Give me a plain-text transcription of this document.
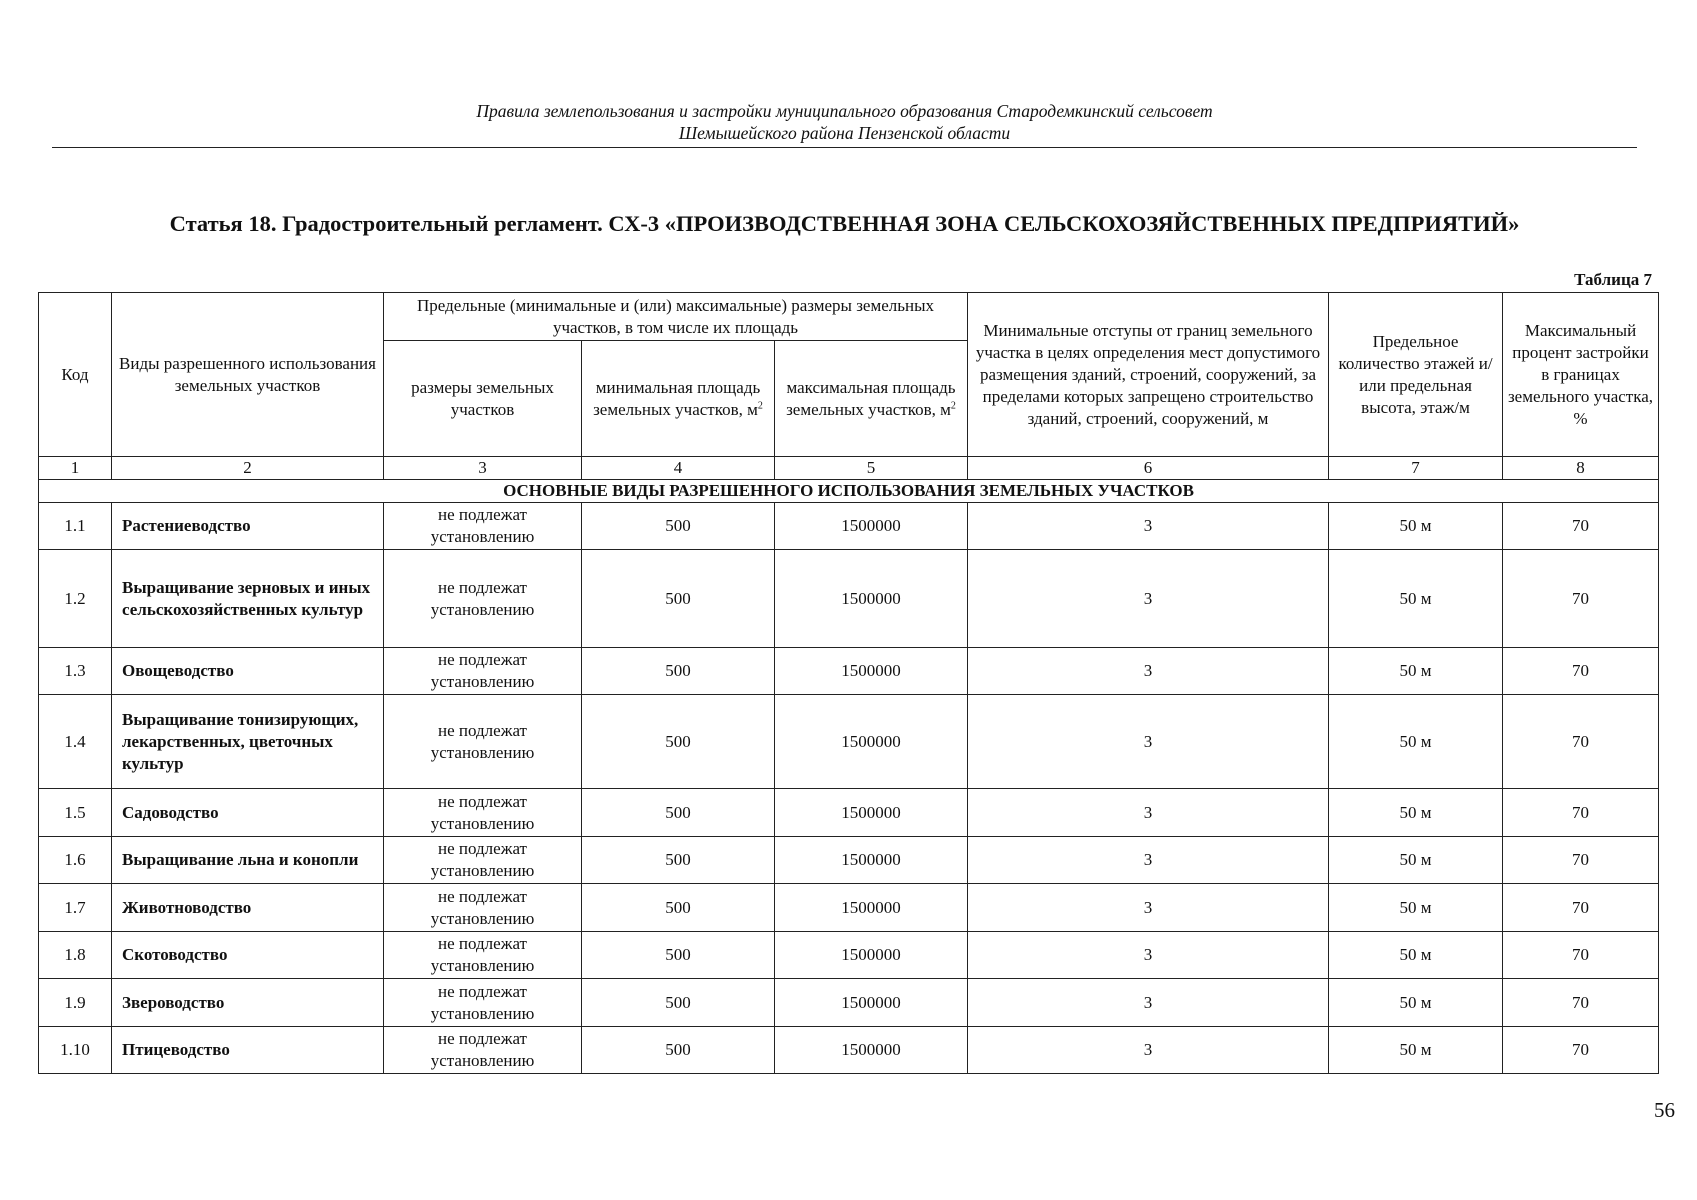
Правила землепользования и застройки муниципального образования Стародемкинский сельсовет
Шемышейского района Пензенской области
Статья 18. Градостроительный регламент. СХ-3 «ПРОИЗВОДСТВЕННАЯ ЗОНА СЕЛЬСКОХОЗЯЙСТВЕННЫХ ПРЕДПРИЯТИЙ»
Таблица 7
Код	Виды разрешенного использования земельных участков	Предельные (минимальные и (или) максимальные) размеры земельных участков, в том числе их площадь			Минимальные отступы от границ земельного участка в целях определения мест допустимого размещения зданий, строений, сооружений, за пределами которых запрещено строительство зданий, строений, сооружений, м	Предельное количество этажей и/или предельная высота, этаж/м	Максимальный процент застройки в границах земельного участка, %
		размеры земельных участков	минимальная площадь земельных участков, $м^2$	максимальная площадь земельных участков, $м^2$
1	2	3	4	5	6	7	8
ОСНОВНЫЕ ВИДЫ РАЗРЕШЕННОГО ИСПОЛЬЗОВАНИЯ ЗЕМЕЛЬНЫХ УЧАСТКОВ							
1.1	Растениеводство	не подлежат установлению	500	1500000	3	50 м	70
1.2	Выращивание зерновых и иных сельскохозяйственных культур	не подлежат установлению	500	1500000	3	50 м	70
1.3	Овощеводство	не подлежат установлению	500	1500000	3	50 м	70
1.4	Выращивание тонизирующих, лекарственных, цветочных культур	не подлежат установлению	500	1500000	3	50 м	70
1.5	Садоводство	не подлежат установлению	500	1500000	3	50 м	70
1.6	Выращивание льна и конопли	не подлежат установлению	500	1500000	3	50 м	70
1.7	Животноводство	не подлежат установлению	500	1500000	3	50 м	70
1.8	Скотоводство	не подлежат установлению	500	1500000	3	50 м	70
1.9	Звероводство	не подлежат установлению	500	1500000	3	50 м	70
1.10	Птицеводство	не подлежат установлению	500	1500000	3	50 м	70
56
